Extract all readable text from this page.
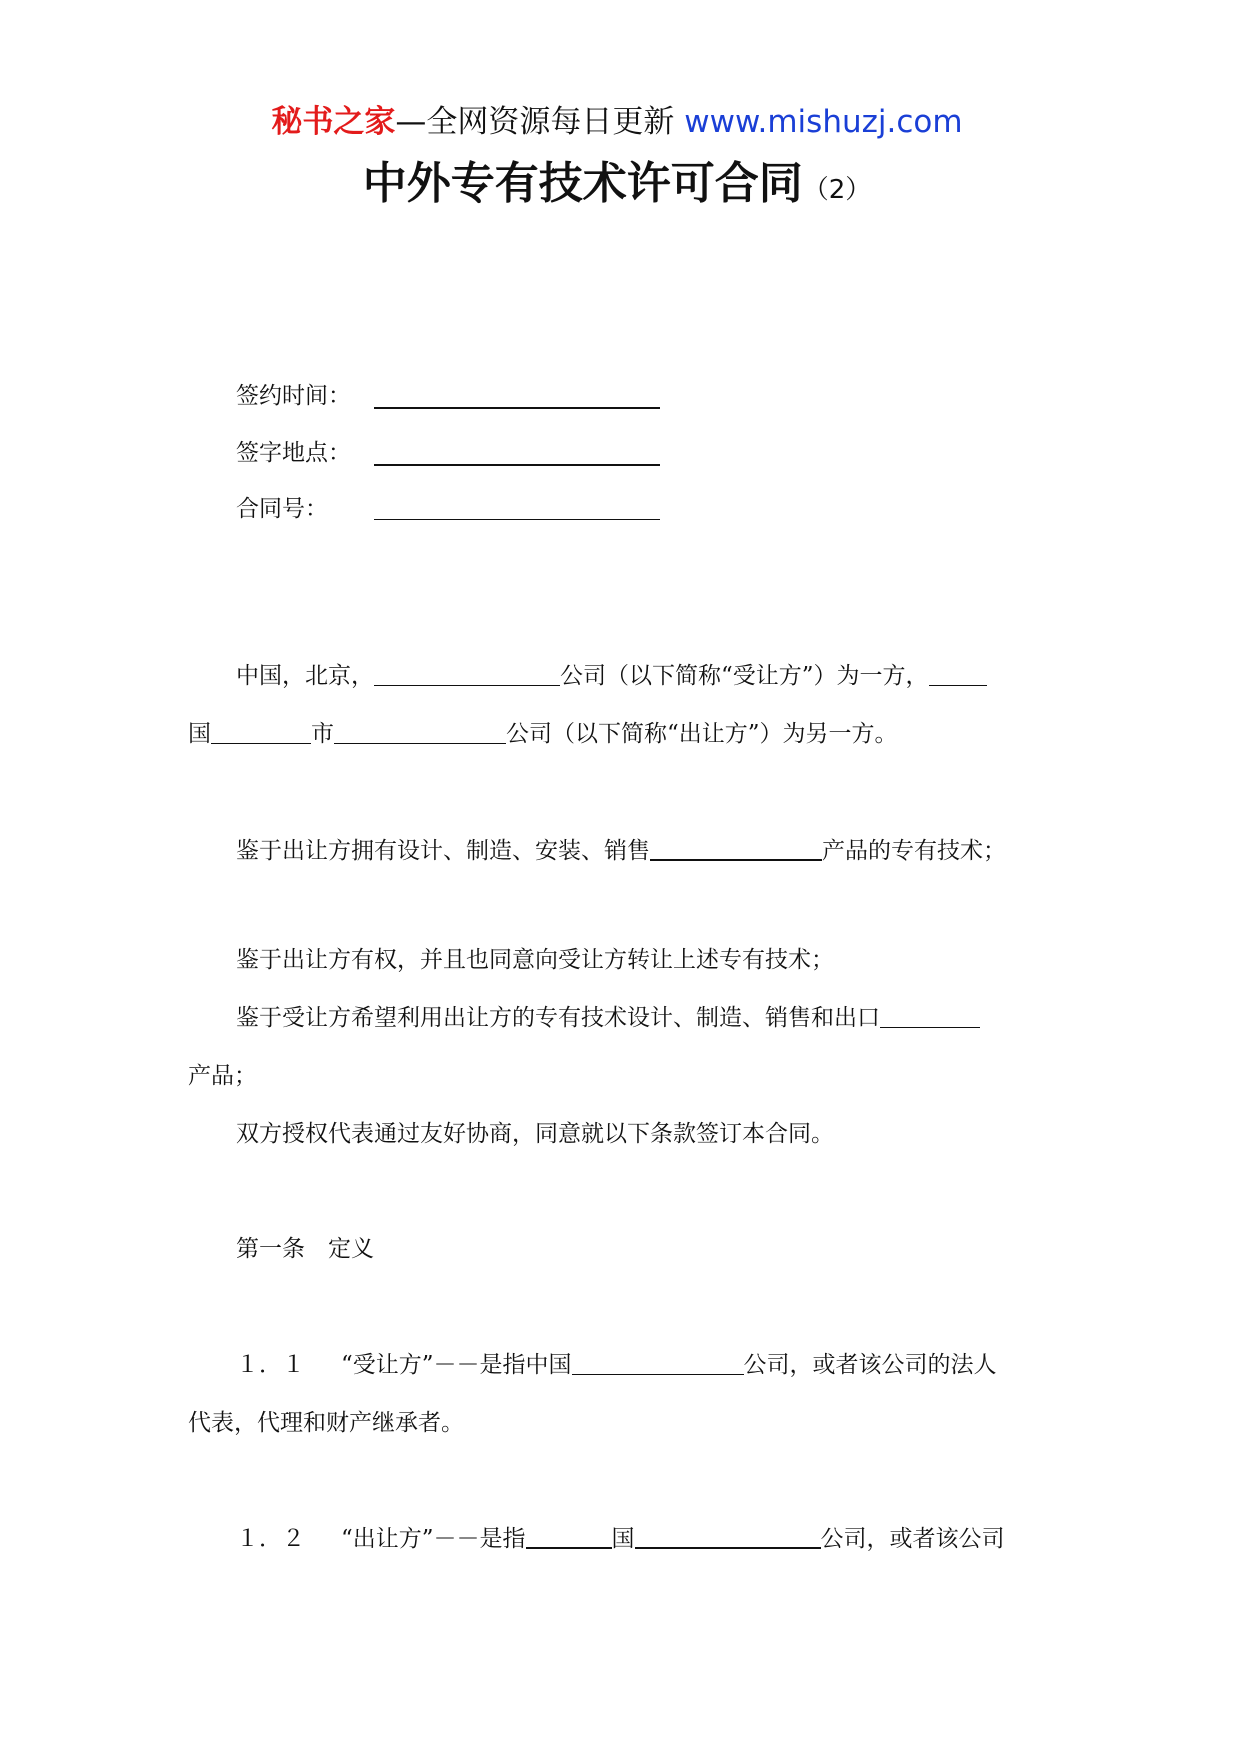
秘书之家—全网资源每日更新 www.mishuzj.com
中外专有技术许可合同（2）
签约时间：
签字地点：
合同号：
中国，北京，	公司（以下简称“受让方”）为一方，
国	市	公司（以下简称“出让方”）为另一方。
鉴于出让方拥有设计、制造、安装、销售	产品的专有技术；
鉴于出让方有权，并且也同意向受让方转让上述专有技术；
鉴于受让方希望利用出让方的专有技术设计、制造、销售和出口
产品；
双方授权代表通过友好协商，同意就以下条款签订本合同。
第一条　定义
１．１ “受让方”－－是指中国	公司，或者该公司的法人
代表，代理和财产继承者。
１．２ “出让方”－－是指	国	公司，或者该公司
